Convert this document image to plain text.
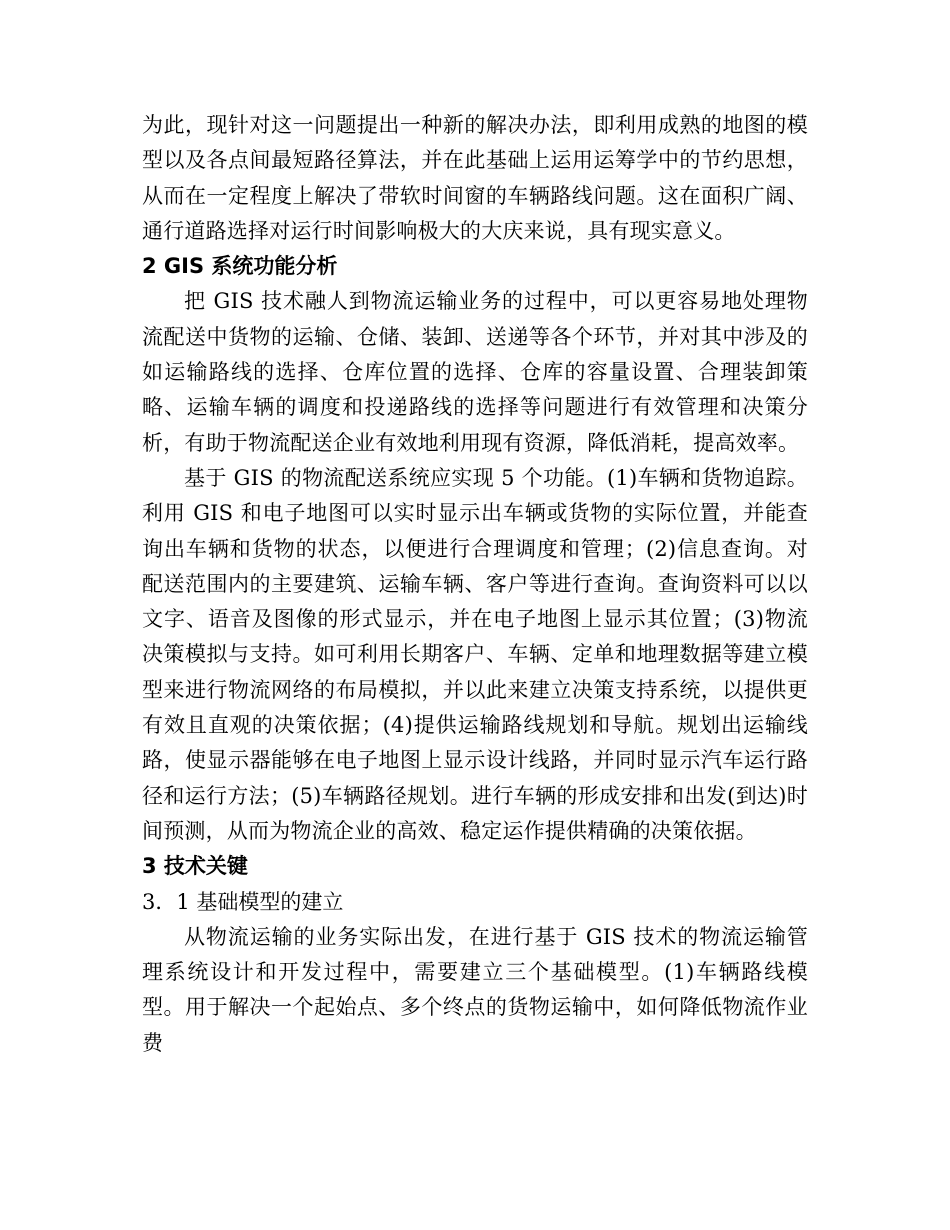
为此，现针对这一问题提出一种新的解决办法，即利用成熟的地图的模型以及各点间最短路径算法，并在此基础上运用运筹学中的节约思想，从而在一定程度上解决了带软时间窗的车辆路线问题。这在面积广阔、通行道路选择对运行时间影响极大的大庆来说，具有现实意义。

2 GIS 系统功能分析

把 GIS 技术融人到物流运输业务的过程中，可以更容易地处理物流配送中货物的运输、仓储、装卸、送递等各个环节，并对其中涉及的如运输路线的选择、仓库位置的选择、仓库的容量设置、合理装卸策略、运输车辆的调度和投递路线的选择等问题进行有效管理和决策分析，有助于物流配送企业有效地利用现有资源，降低消耗，提高效率。

基于 GIS 的物流配送系统应实现 5 个功能。(1)车辆和货物追踪。利用 GIS 和电子地图可以实时显示出车辆或货物的实际位置，并能查询出车辆和货物的状态，以便进行合理调度和管理；(2)信息查询。对配送范围内的主要建筑、运输车辆、客户等进行查询。查询资料可以以文字、语音及图像的形式显示，并在电子地图上显示其位置；(3)物流决策模拟与支持。如可利用长期客户、车辆、定单和地理数据等建立模型来进行物流网络的布局模拟，并以此来建立决策支持系统，以提供更有效且直观的决策依据；(4)提供运输路线规划和导航。规划出运输线路，使显示器能够在电子地图上显示设计线路，并同时显示汽车运行路径和运行方法；(5)车辆路径规划。进行车辆的形成安排和出发(到达)时间预测，从而为物流企业的高效、稳定运作提供精确的决策依据。

3 技术关键

3．1 基础模型的建立

从物流运输的业务实际出发，在进行基于 GIS 技术的物流运输管理系统设计和开发过程中，需要建立三个基础模型。(1)车辆路线模型。用于解决一个起始点、多个终点的货物运输中，如何降低物流作业费
